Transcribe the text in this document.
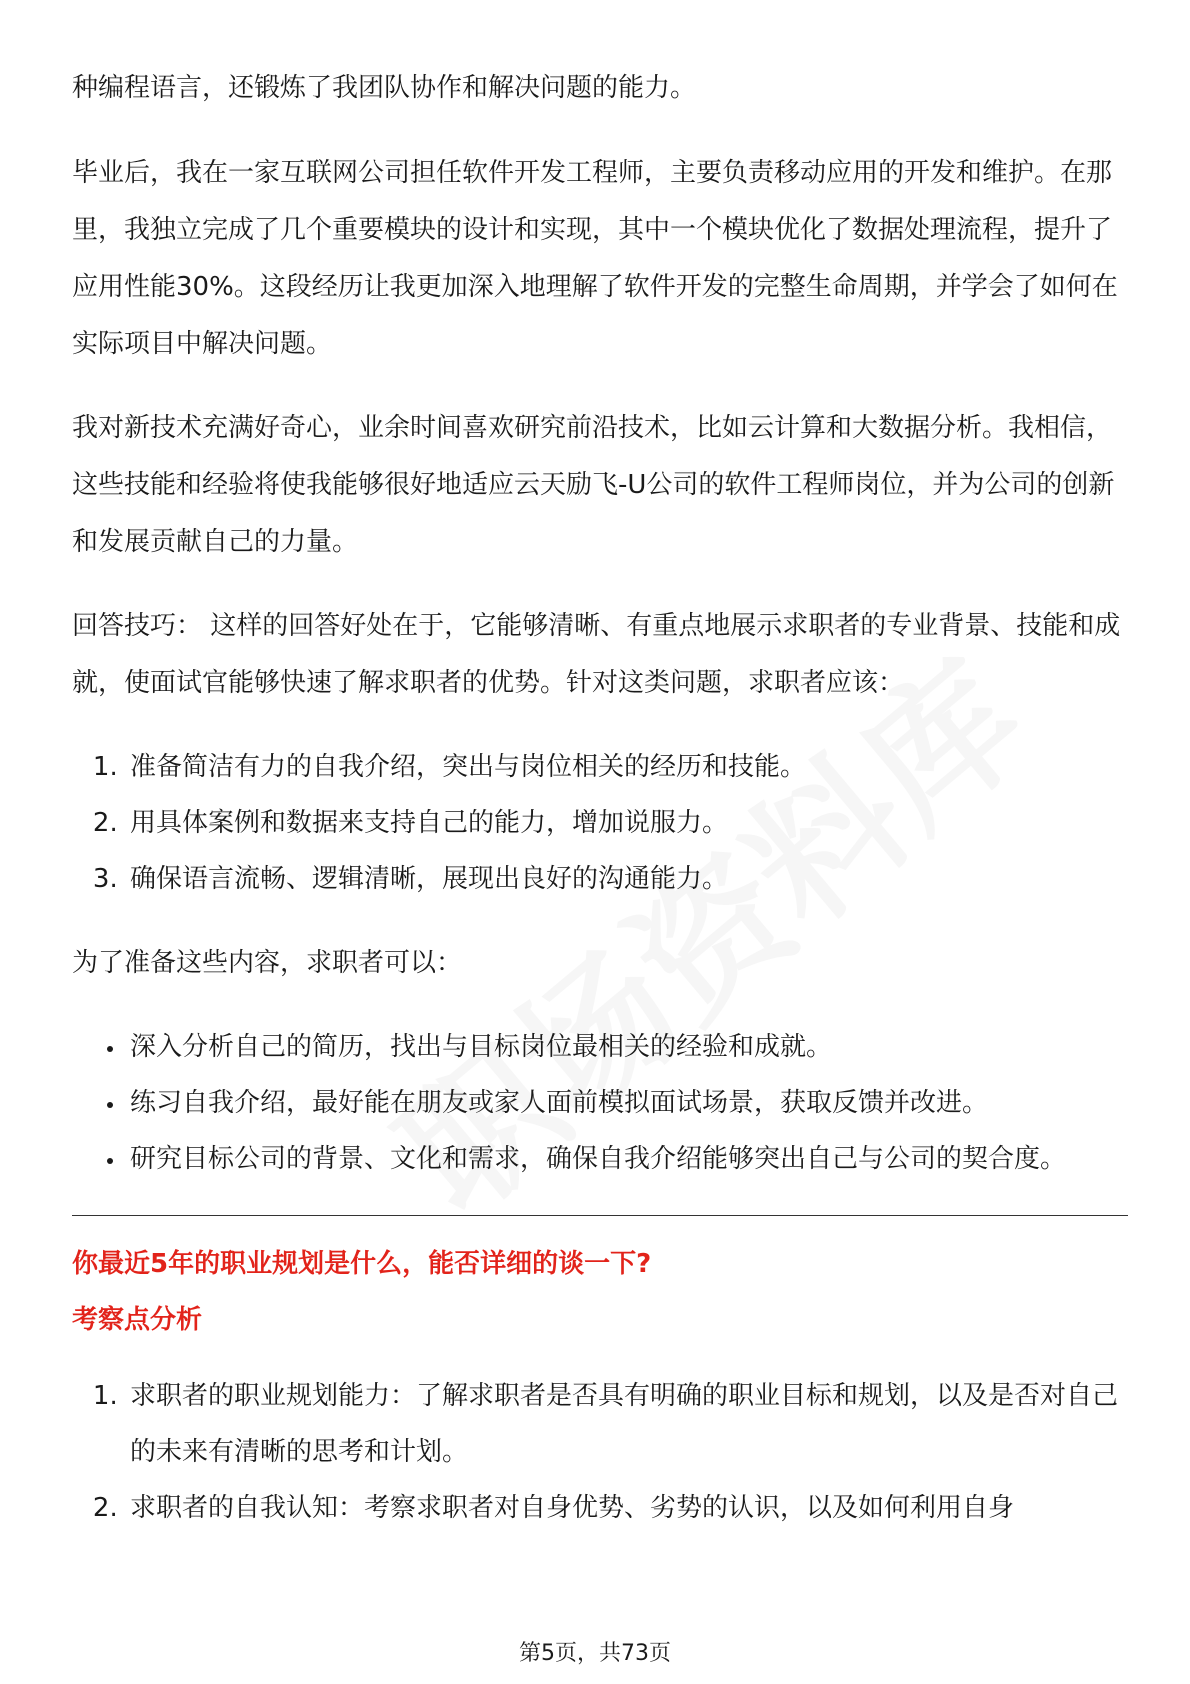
种编程语言，还锻炼了我团队协作和解决问题的能力。

毕业后，我在一家互联网公司担任软件开发工程师，主要负责移动应用的开发和维护。在那里，我独立完成了几个重要模块的设计和实现，其中一个模块优化了数据处理流程，提升了应用性能30%。这段经历让我更加深入地理解了软件开发的完整生命周期，并学会了如何在实际项目中解决问题。

我对新技术充满好奇心，业余时间喜欢研究前沿技术，比如云计算和大数据分析。我相信，这些技能和经验将使我能够很好地适应云天励飞-U公司的软件工程师岗位，并为公司的创新和发展贡献自己的力量。

回答技巧： 这样的回答好处在于，它能够清晰、有重点地展示求职者的专业背景、技能和成就，使面试官能够快速了解求职者的优势。针对这类问题，求职者应该：

1. 准备简洁有力的自我介绍，突出与岗位相关的经历和技能。
2. 用具体案例和数据来支持自己的能力，增加说服力。
3. 确保语言流畅、逻辑清晰，展现出良好的沟通能力。

为了准备这些内容，求职者可以：

• 深入分析自己的简历，找出与目标岗位最相关的经验和成就。
• 练习自我介绍，最好能在朋友或家人面前模拟面试场景，获取反馈并改进。
• 研究目标公司的背景、文化和需求，确保自我介绍能够突出自己与公司的契合度。
你最近5年的职业规划是什么，能否详细的谈一下?
考察点分析
1. 求职者的职业规划能力：了解求职者是否具有明确的职业目标和规划，以及是否对自己的未来有清晰的思考和计划。
2. 求职者的自我认知：考察求职者对自身优势、劣势的认识，以及如何利用自身
第5页，共73页
